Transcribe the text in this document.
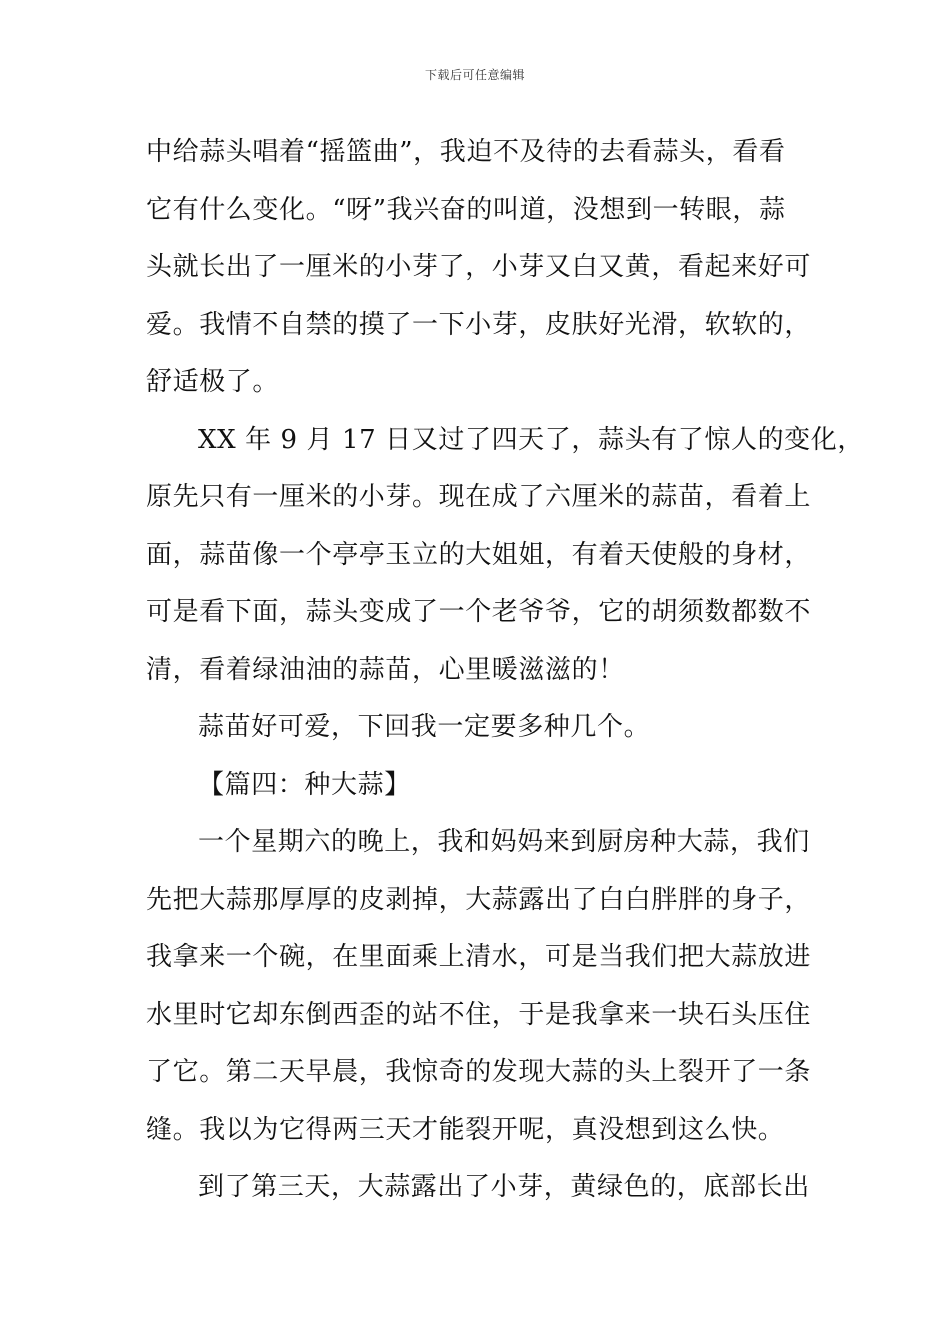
下载后可任意编辑
中给蒜头唱着“摇篮曲”，我迫不及待的去看蒜头，看看
它有什么变化。“呀”我兴奋的叫道，没想到一转眼，蒜
头就长出了一厘米的小芽了，小芽又白又黄，看起来好可
爱。我情不自禁的摸了一下小芽，皮肤好光滑，软软的，
舒适极了。
XX 年 9 月 17 日又过了四天了，蒜头有了惊人的变化，
原先只有一厘米的小芽。现在成了六厘米的蒜苗，看着上
面，蒜苗像一个亭亭玉立的大姐姐，有着天使般的身材，
可是看下面，蒜头变成了一个老爷爷，它的胡须数都数不
清，看着绿油油的蒜苗，心里暖滋滋的！
蒜苗好可爱，下回我一定要多种几个。
【篇四：种大蒜】
一个星期六的晚上，我和妈妈来到厨房种大蒜，我们
先把大蒜那厚厚的皮剥掉，大蒜露出了白白胖胖的身子，
我拿来一个碗，在里面乘上清水，可是当我们把大蒜放进
水里时它却东倒西歪的站不住，于是我拿来一块石头压住
了它。第二天早晨，我惊奇的发现大蒜的头上裂开了一条
缝。我以为它得两三天才能裂开呢，真没想到这么快。
到了第三天，大蒜露出了小芽，黄绿色的，底部长出
